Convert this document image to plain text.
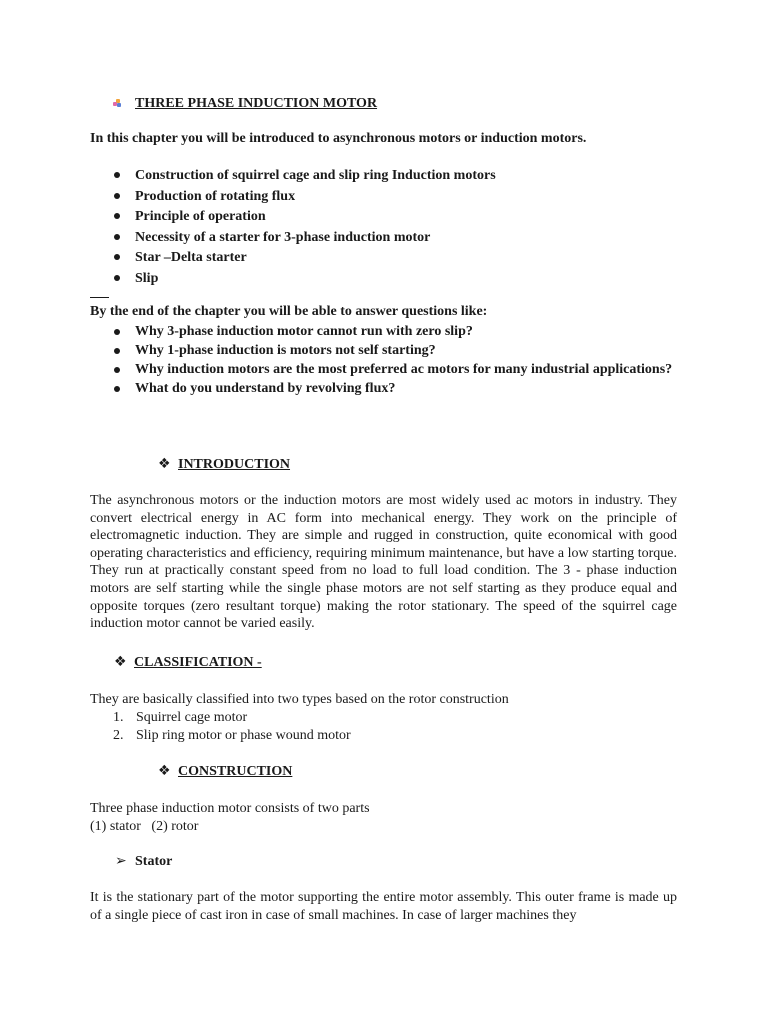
THREE PHASE INDUCTION MOTOR
In this chapter you will be introduced to asynchronous motors or induction motors.
Construction of squirrel cage and slip ring Induction motors
Production of rotating flux
Principle of operation
Necessity of a starter for 3-phase induction motor
Star –Delta starter
Slip
By the end of the chapter you will be able to answer questions like:
Why 3-phase induction motor cannot run with zero slip?
Why 1-phase induction is motors not self starting?
Why induction motors are the most preferred ac motors for many industrial applications?
What do you understand by revolving flux?
❖ INTRODUCTION
The asynchronous motors or the induction motors are most widely used ac motors in industry. They convert electrical energy in AC form into mechanical energy. They work on the principle of electromagnetic induction. They are simple and rugged in construction, quite economical with good operating characteristics and efficiency, requiring minimum maintenance, but have a low starting torque. They run at practically constant speed from no load to full load condition. The 3 - phase induction motors are self starting while the single phase motors are not self starting as they produce equal and opposite torques (zero resultant torque) making the rotor stationary. The speed of the squirrel cage induction motor cannot be varied easily.
❖ CLASSIFICATION -
They are basically classified into two types based on the rotor construction
1. Squirrel cage motor
2. Slip ring motor or phase wound motor
❖ CONSTRUCTION
Three phase induction motor consists of two parts
(1) stator   (2) rotor
➢ Stator
It is the stationary part of the motor supporting the entire motor assembly. This outer frame is made up of a single piece of cast iron in case of small machines. In case of larger machines they
